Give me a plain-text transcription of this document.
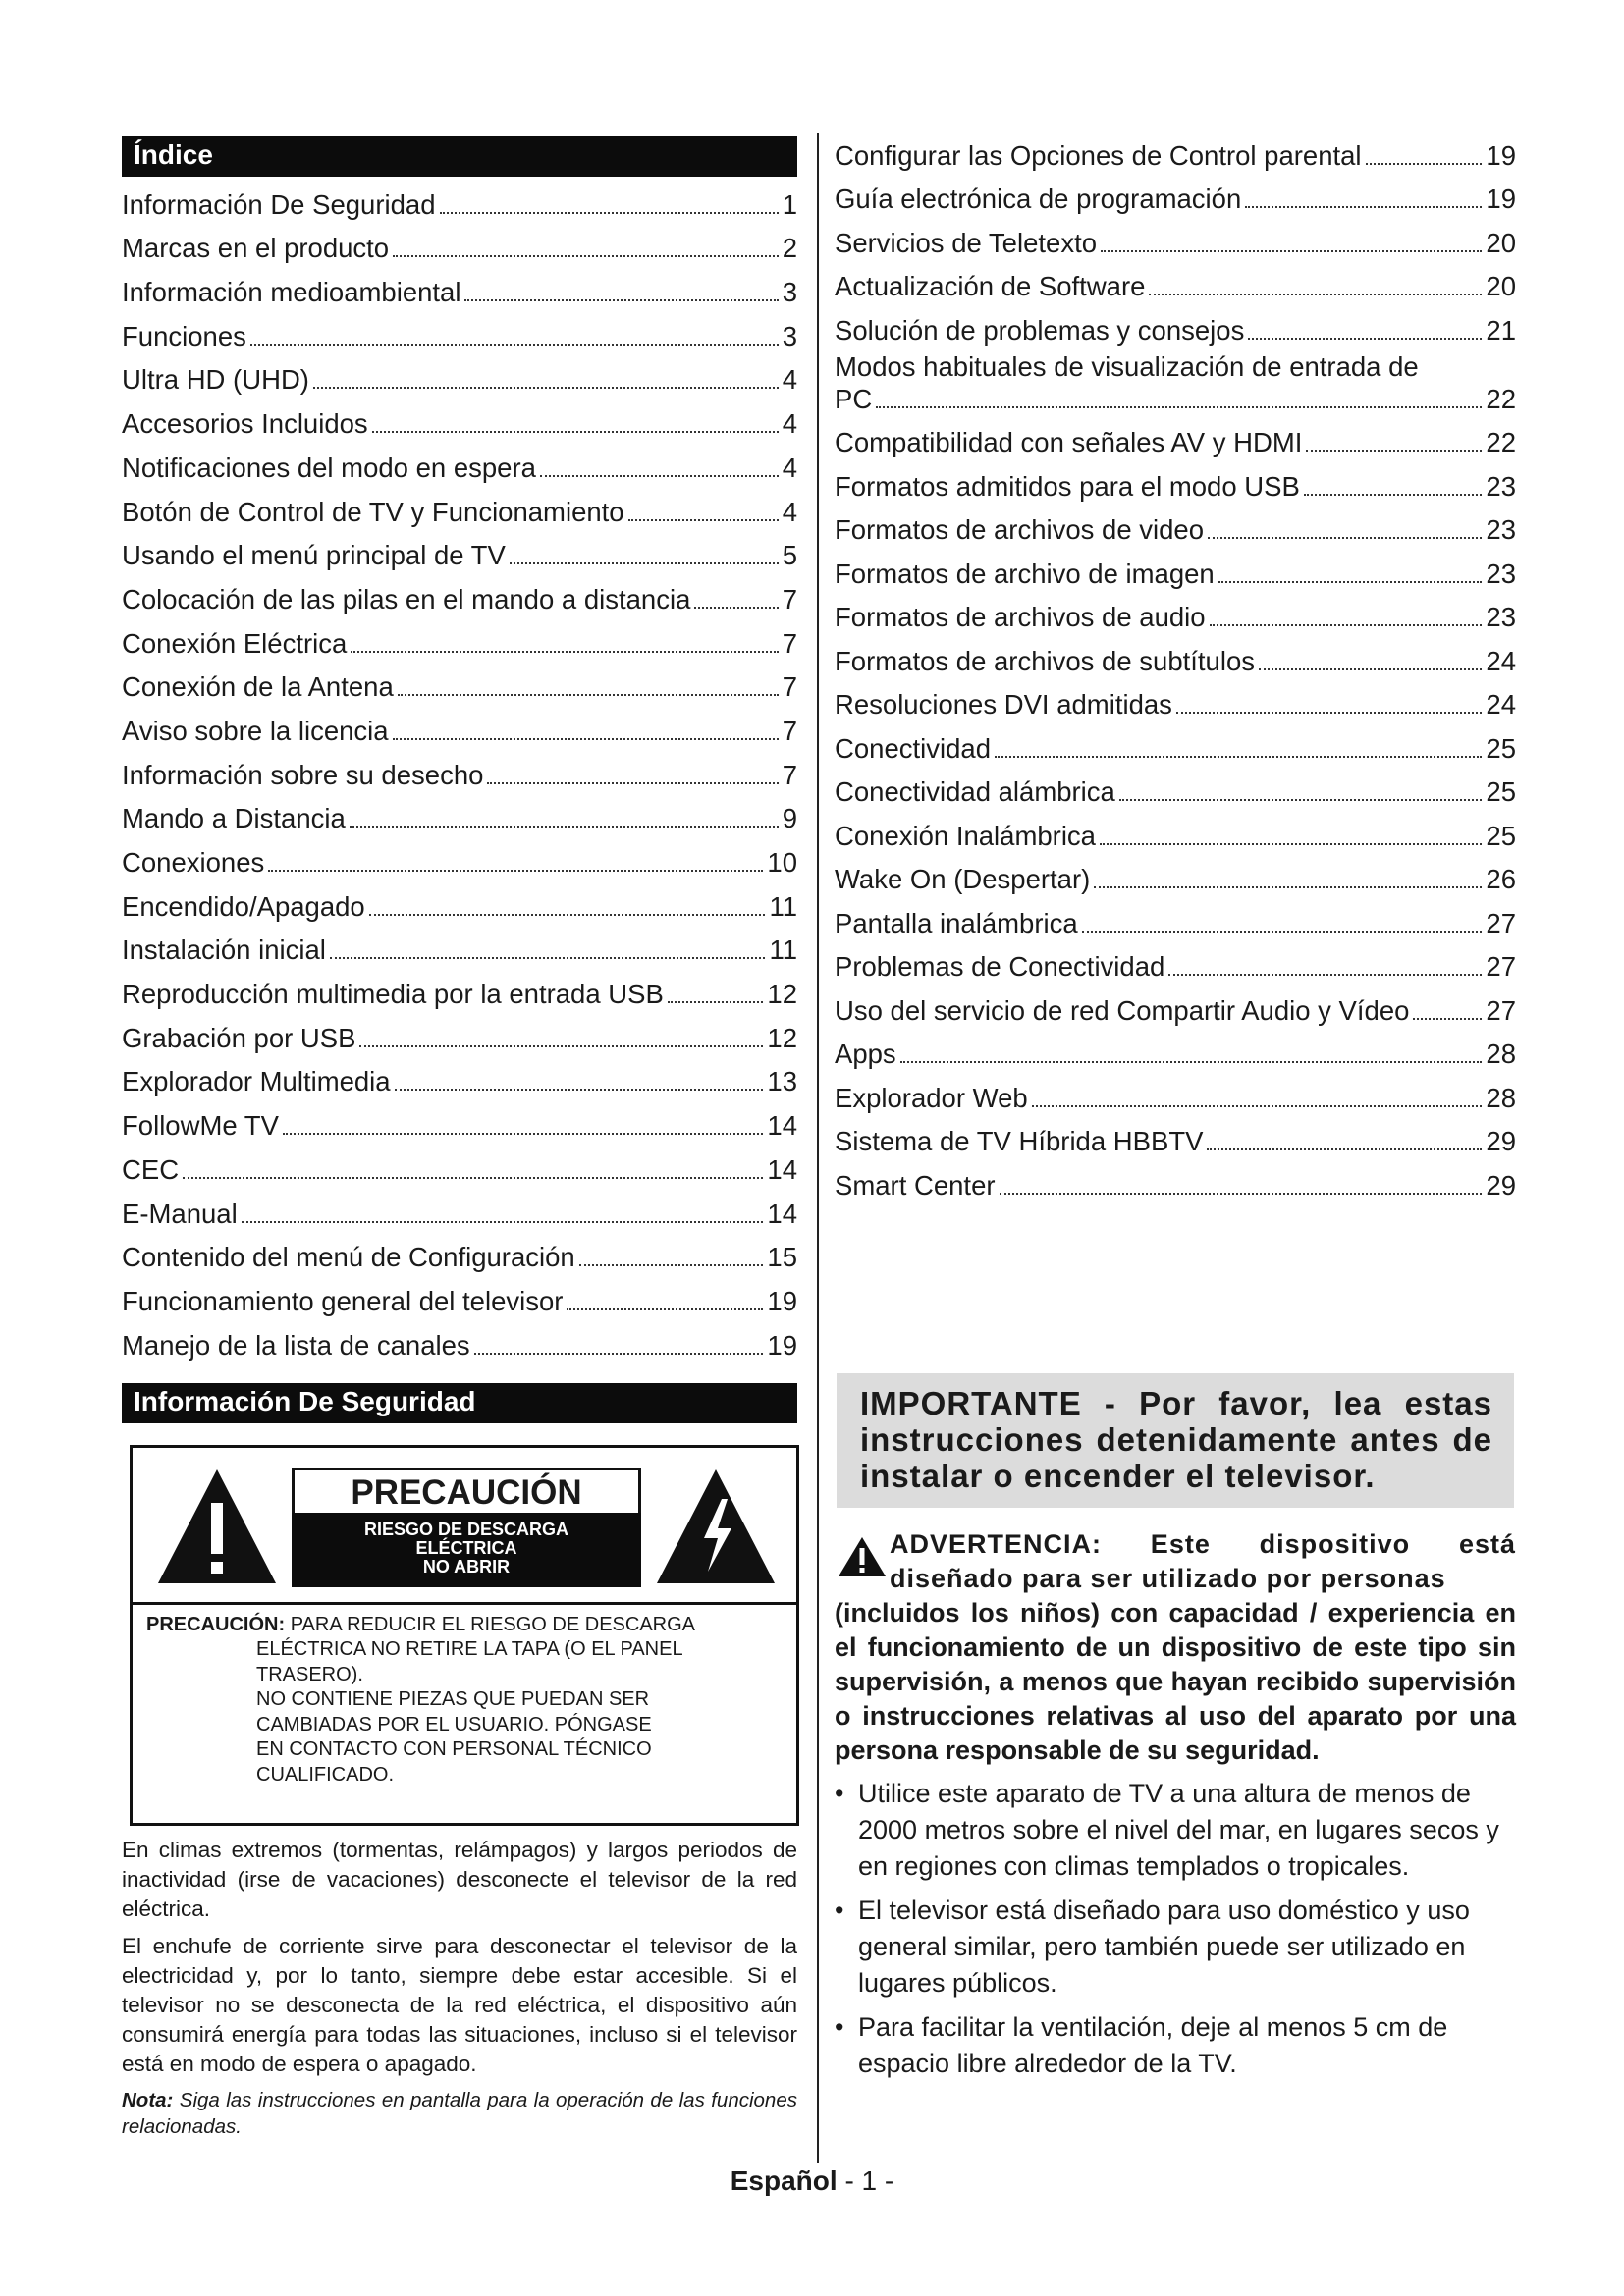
Índice
Información De Seguridad	1
Marcas en el producto	2
Información medioambiental	3
Funciones	3
Ultra HD (UHD)	4
Accesorios Incluidos	4
Notificaciones del modo en espera	4
Botón de Control de TV y Funcionamiento	4
Usando el menú principal de TV	5
Colocación de las pilas en el mando a distancia	7
Conexión Eléctrica	7
Conexión de la Antena	7
Aviso sobre la licencia	7
Información sobre su desecho	7
Mando a Distancia	9
Conexiones	10
Encendido/Apagado	11
Instalación inicial	11
Reproducción multimedia por la entrada USB	12
Grabación por USB	12
Explorador Multimedia	13
FollowMe TV	14
CEC	14
E-Manual	14
Contenido del menú de Configuración	15
Funcionamiento general del televisor	19
Manejo de la lista de canales	19
Información De Seguridad
PRECAUCIÓN
RIESGO DE DESCARGA
ELÉCTRICA
NO ABRIR
PRECAUCIÓN: PARA REDUCIR EL RIESGO DE DESCARGA
ELÉCTRICA NO RETIRE LA TAPA (O EL PANEL
TRASERO).
NO CONTIENE PIEZAS QUE PUEDAN SER
CAMBIADAS POR EL USUARIO. PÓNGASE
EN CONTACTO CON PERSONAL TÉCNICO
CUALIFICADO.

En climas extremos (tormentas, relámpagos) y largos periodos de inactividad (irse de vacaciones) desconecte el televisor de la red eléctrica.

El enchufe de corriente sirve para desconectar el televisor de la electricidad y, por lo tanto, siempre debe estar accesible. Si el televisor no se desconecta de la red eléctrica, el dispositivo aún consumirá energía para todas las situaciones, incluso si el televisor está en modo de espera o apagado.

Nota: Siga las instrucciones en pantalla para la operación de las funciones relacionadas.

Configurar las Opciones de Control parental	19
Guía electrónica de programación	19
Servicios de Teletexto	20
Actualización de Software	20
Solución de problemas y consejos	21
Modos habituales de visualización de entrada de
PC	22
Compatibilidad con señales AV y HDMI	22
Formatos admitidos para el modo USB	23
Formatos de archivos de video	23
Formatos de archivo de imagen	23
Formatos de archivos de audio	23
Formatos de archivos de subtítulos	24
Resoluciones DVI admitidas	24
Conectividad	25
Conectividad alámbrica	25
Conexión Inalámbrica	25
Wake On (Despertar)	26
Pantalla inalámbrica	27
Problemas de Conectividad	27
Uso del servicio de red Compartir Audio y Vídeo	27
Apps	28
Explorador Web	28
Sistema de TV Híbrida HBBTV	29
Smart Center	29
IMPORTANTE - Por favor, lea estas instrucciones detenidamente antes de instalar o encender el televisor.
ADVERTENCIA: Este dispositivo está diseñado para ser utilizado por personas
(incluidos los niños) con capacidad / experiencia en el funcionamiento de un dispositivo de este tipo sin supervisión, a menos que hayan recibido supervisión o instrucciones relativas al uso del aparato por una persona responsable de su seguridad.
• Utilice este aparato de TV a una altura de menos de 2000 metros sobre el nivel del mar, en lugares secos y en regiones con climas templados o tropicales.
• El televisor está diseñado para uso doméstico y uso general similar, pero también puede ser utilizado en lugares públicos.
• Para facilitar la ventilación, deje al menos 5 cm de espacio libre alrededor de la TV.
Español - 1 -
